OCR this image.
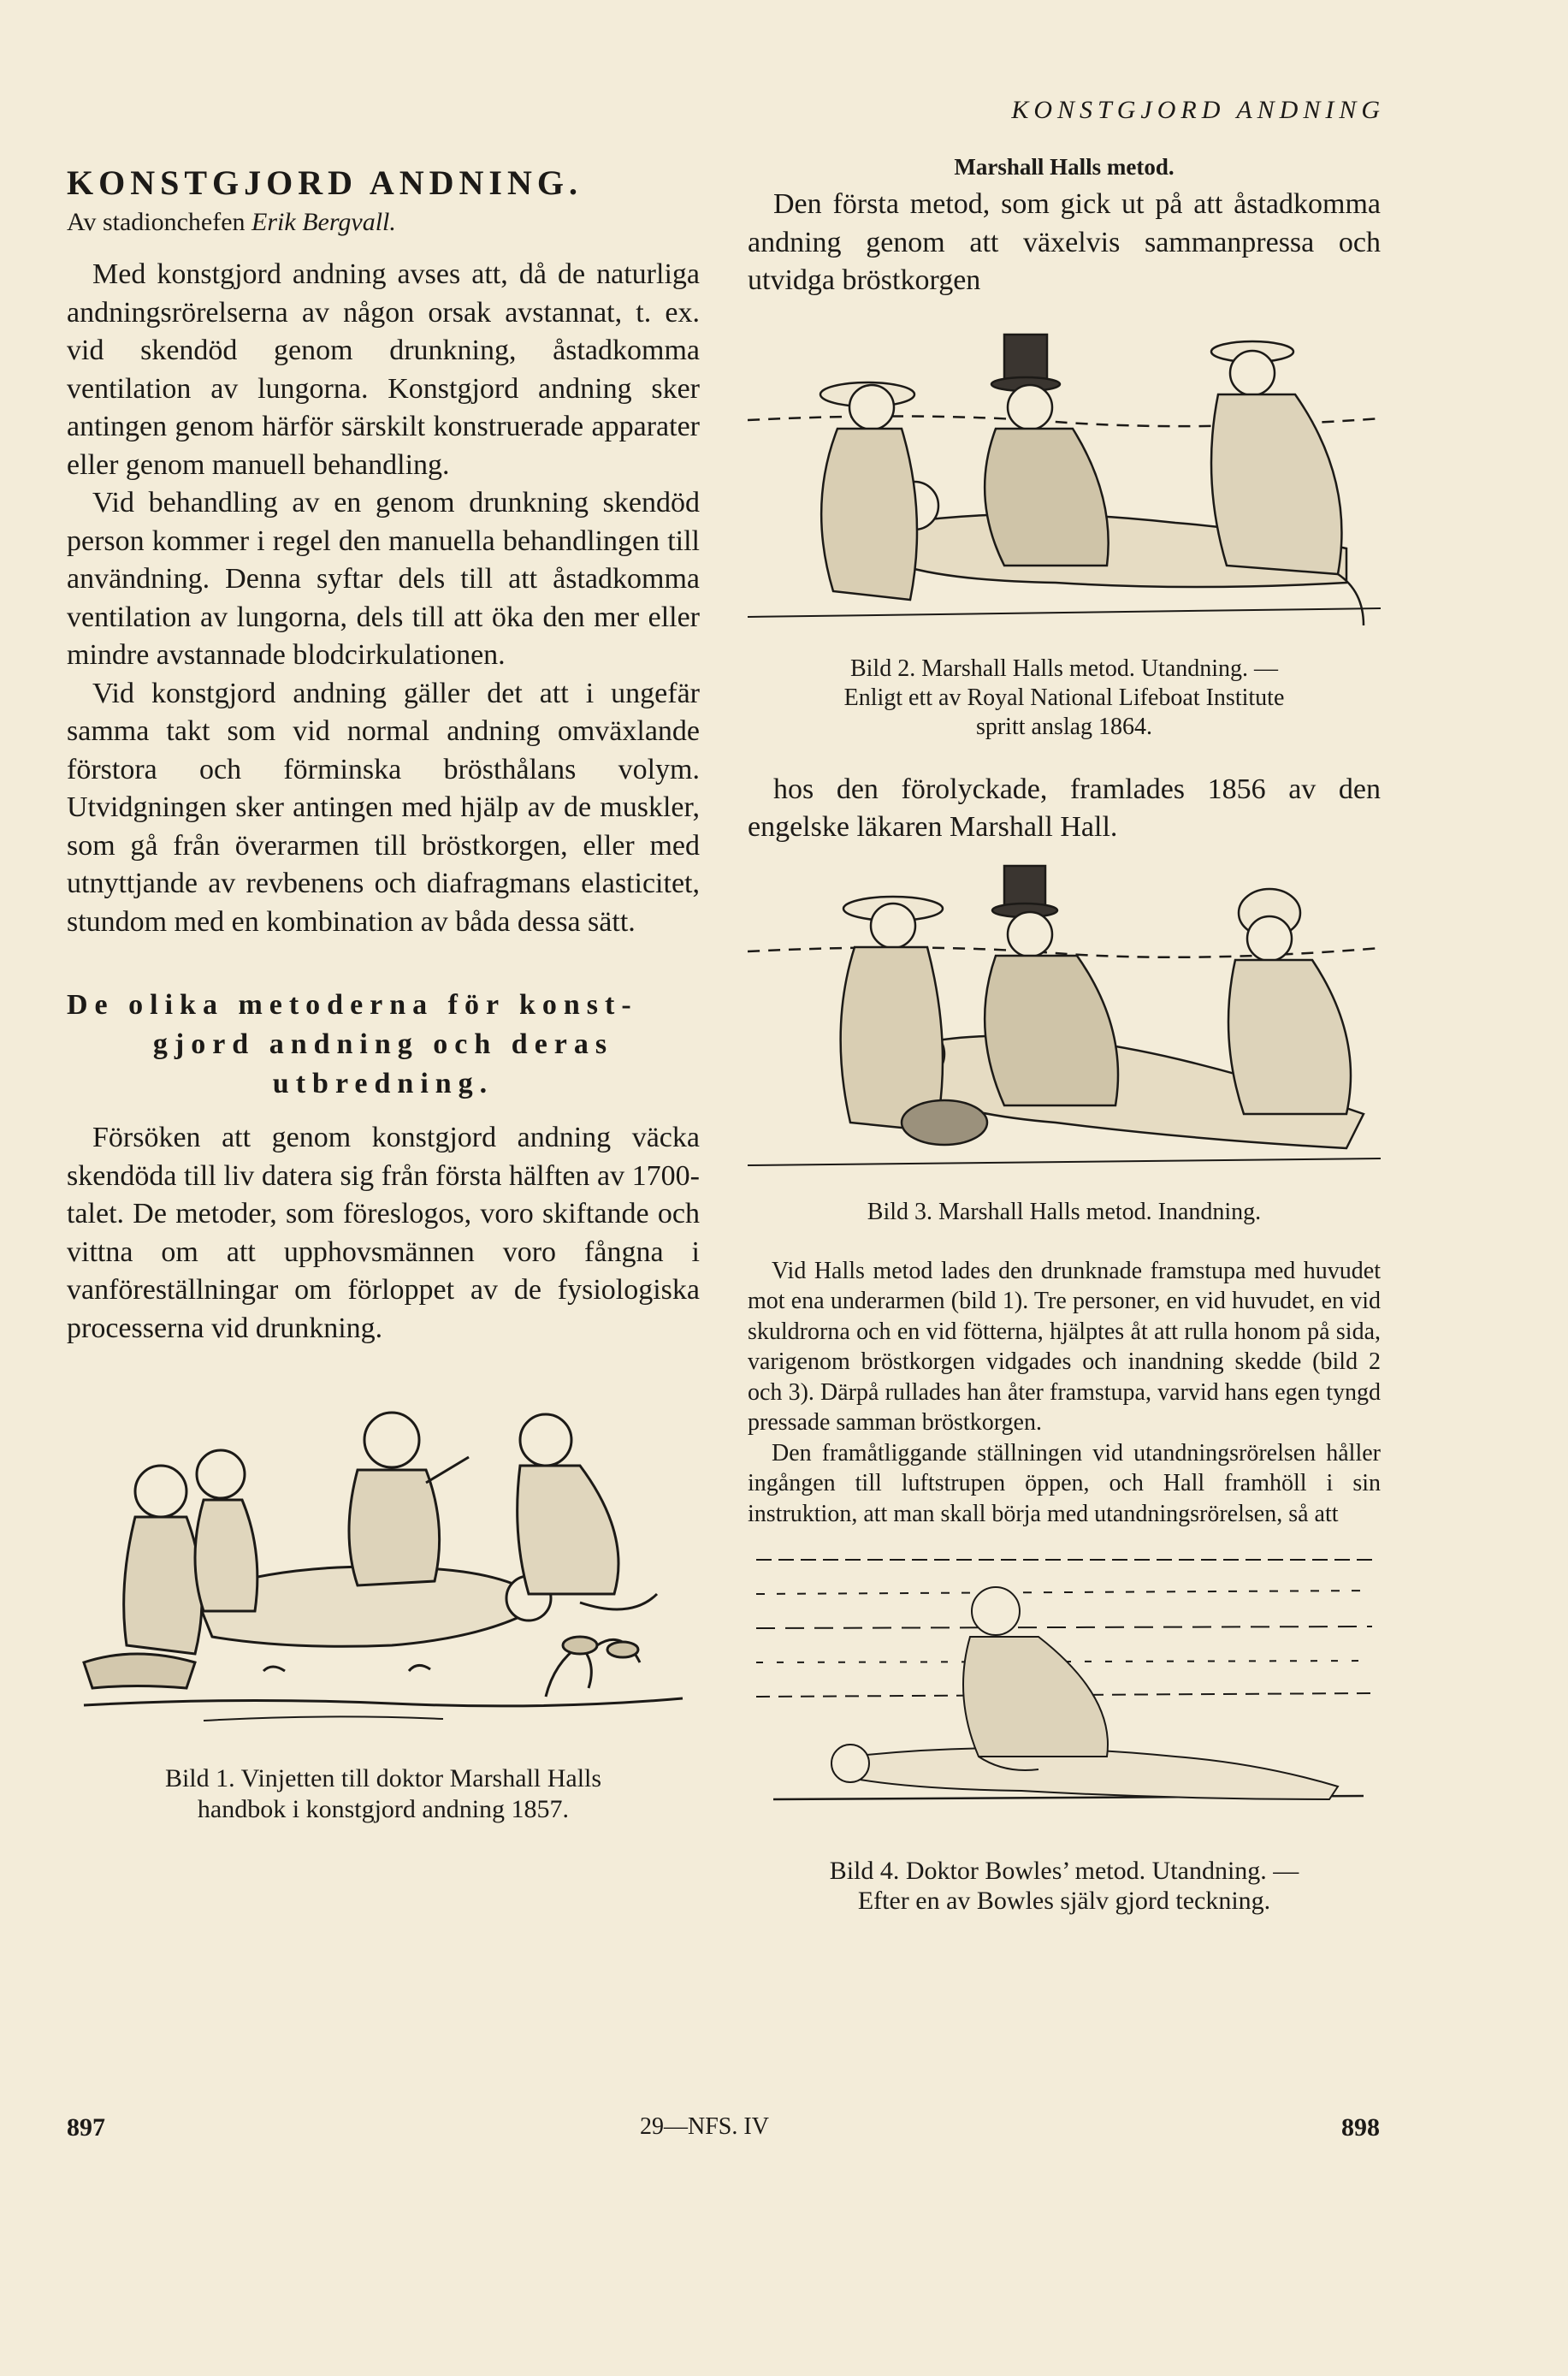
KONSTGJORD ANDNING
KONSTGJORD ANDNING.
Av stadionchefen Erik Bergvall.

Med konstgjord andning avses att, då de naturliga andningsrörelserna av någon orsak avstannat, t. ex. vid skendöd genom drunkning, åstadkomma ventilation av lungorna. Konstgjord andning sker antingen genom härför särskilt konstruerade apparater eller genom manuell behandling.

Vid behandling av en genom drunkning skendöd person kommer i regel den manuella behandlingen till användning. Denna syftar dels till att åstadkomma ventilation av lungorna, dels till att öka den mer eller mindre avstannade blodcirkulationen.

Vid konstgjord andning gäller det att i ungefär samma takt som vid normal andning omväxlande förstora och förminska brösthålans volym. Utvidgningen sker antingen med hjälp av de muskler, som gå från överarmen till bröstkorgen, eller med utnyttjande av revbenens och diafragmans elasticitet, stundom med en kombination av båda dessa sätt.

De olika metoderna för konst-
gjord andning och deras
utbredning.

Försöken att genom konstgjord andning väcka skendöda till liv datera sig från första hälften av 1700-talet. De metoder, som föreslogos, voro skiftande och vittna om att upphovsmännen voro fångna i vanföreställningar om förloppet av de fysiologiska processerna vid drunkning.

Bild 1. Vinjetten till doktor Marshall Halls
handbok i konstgjord andning 1857.

Marshall Halls metod.

Den första metod, som gick ut på att åstadkomma andning genom att växelvis sammanpressa och utvidga bröstkorgen

Bild 2. Marshall Halls metod. Utandning. —
Enligt ett av Royal National Lifeboat Institute
spritt anslag 1864.

hos den förolyckade, framlades 1856 av den engelske läkaren Marshall Hall.

Bild 3. Marshall Halls metod. Inandning.

Vid Halls metod lades den drunknade framstupa med huvudet mot ena underarmen (bild 1). Tre personer, en vid huvudet, en vid skuldrorna och en vid fötterna, hjälptes åt att rulla honom på sida, varigenom bröstkorgen vidgades och inandning skedde (bild 2 och 3). Därpå rullades han åter framstupa, varvid hans egen tyngd pressade samman bröstkorgen.

Den framåtliggande ställningen vid utandningsrörelsen håller ingången till luftstrupen öppen, och Hall framhöll i sin instruktion, att man skall börja med utandningsrörelsen, så att

Bild 4. Doktor Bowles’ metod. Utandning. —
Efter en av Bowles själv gjord teckning.

897	29—NFS. IV	898
